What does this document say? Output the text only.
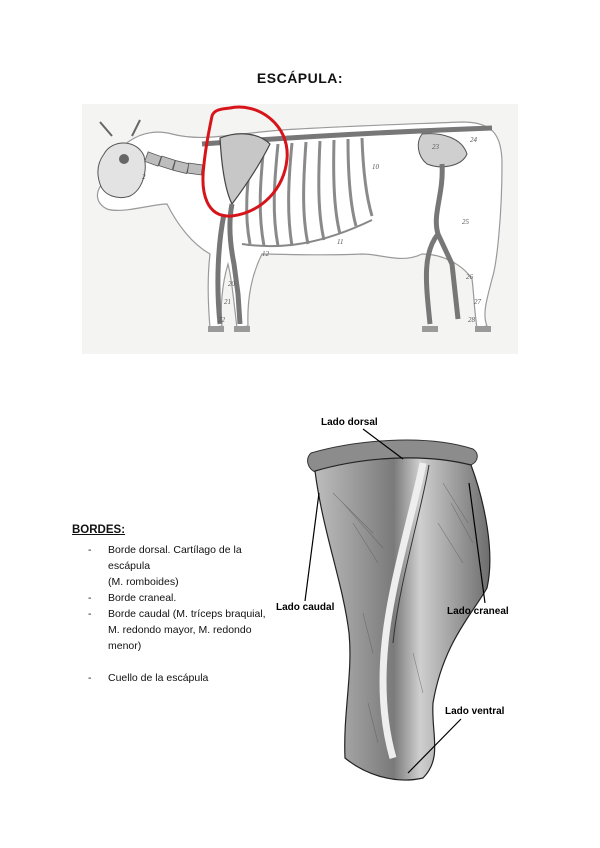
ESCÁPULA:
2
10
11
12
20
21
22
23
24
25
26
27
28
BORDES:
- Borde dorsal. Cartílago de la escápula
(M. romboides)
- Borde craneal.
- Borde caudal (M. tríceps braquial, M. redondo mayor, M. redondo menor)
- Cuello de la escápula
Lado dorsal
Lado caudal	Lado craneal
Lado ventral
